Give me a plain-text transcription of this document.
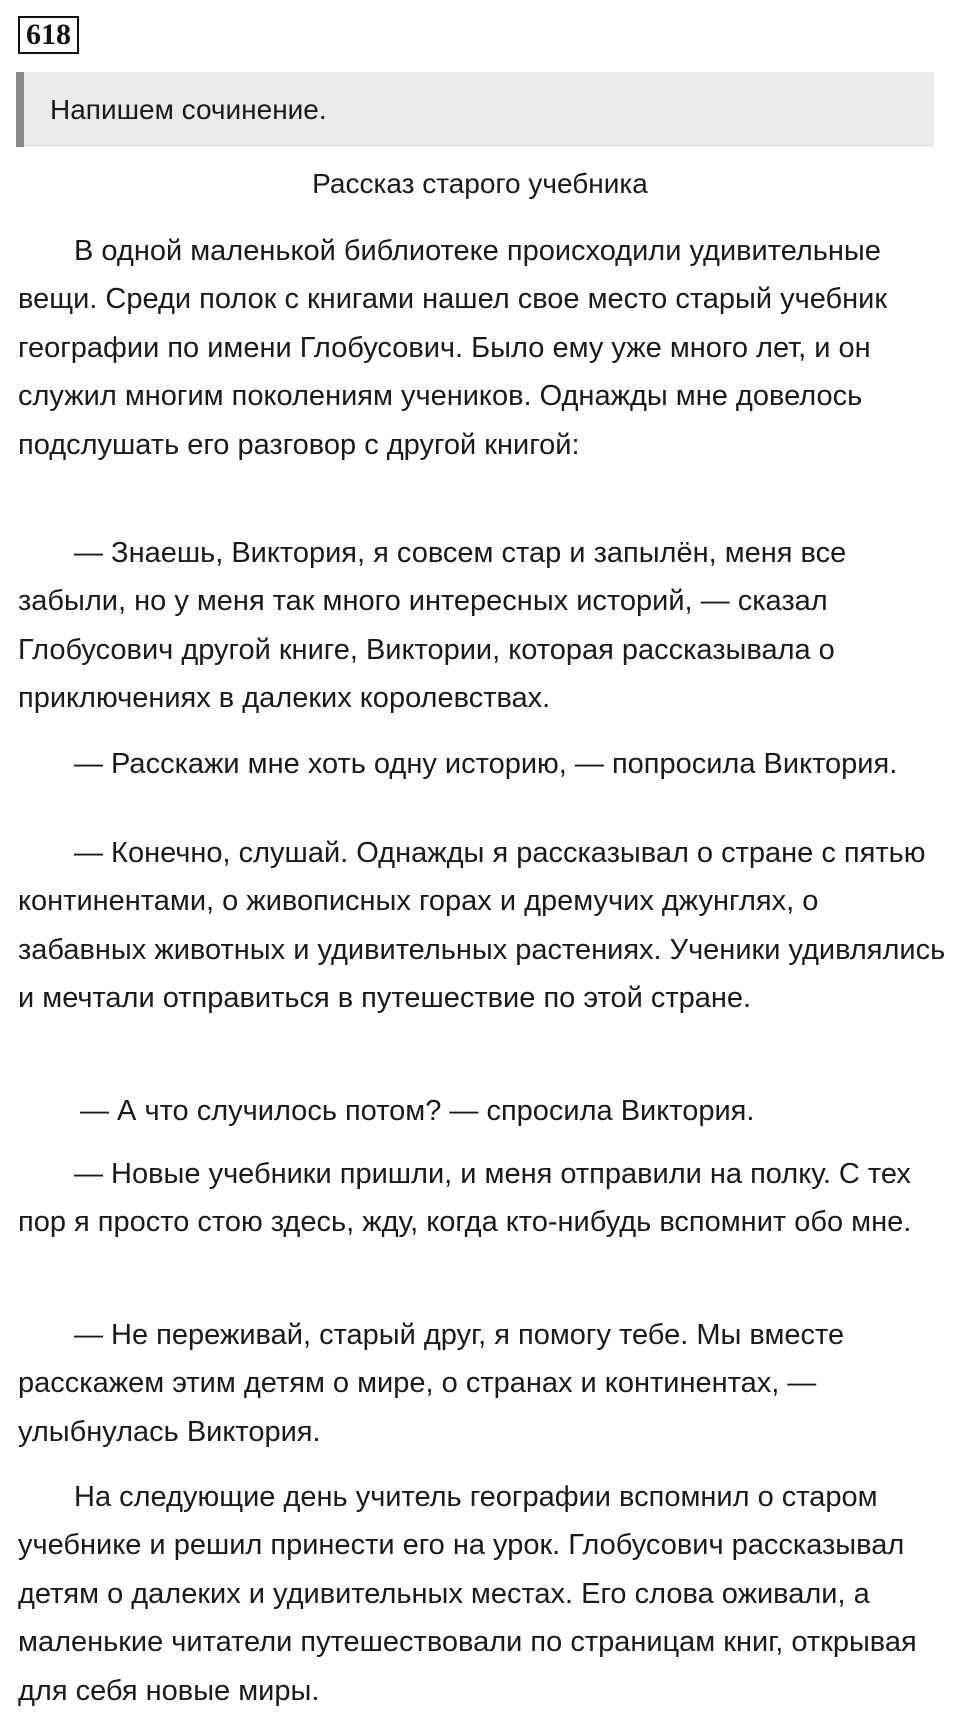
618
Напишем сочинение.
Рассказ старого учебника

В одной маленькой библиотеке происходили удивительные вещи. Среди полок с книгами нашел свое место старый учебник географии по имени Глобусович. Было ему уже много лет, и он служил многим поколениям учеников. Однажды мне довелось подслушать его разговор с другой книгой:

— Знаешь, Виктория, я совсем стар и запылён, меня все забыли, но у меня так много интересных историй, — сказал Глобусович другой книге, Виктории, которая рассказывала о приключениях в далеких королевствах.

— Расскажи мне хоть одну историю, — попросила Виктория.

— Конечно, слушай. Однажды я рассказывал о стране с пятью континентами, о живописных горах и дремучих джунглях, о забавных животных и удивительных растениях. Ученики удивлялись и мечтали отправиться в путешествие по этой стране.

— А что случилось потом? — спросила Виктория.

— Новые учебники пришли, и меня отправили на полку. С тех пор я просто стою здесь, жду, когда кто-нибудь вспомнит обо мне.

— Не переживай, старый друг, я помогу тебе. Мы вместе расскажем этим детям о мире, о странах и континентах, — улыбнулась Виктория.

На следующие день учитель географии вспомнил о старом учебнике и решил принести его на урок. Глобусович рассказывал детям о далеких и удивительных местах. Его слова оживали, а маленькие читатели путешествовали по страницам книг, открывая для себя новые миры.
